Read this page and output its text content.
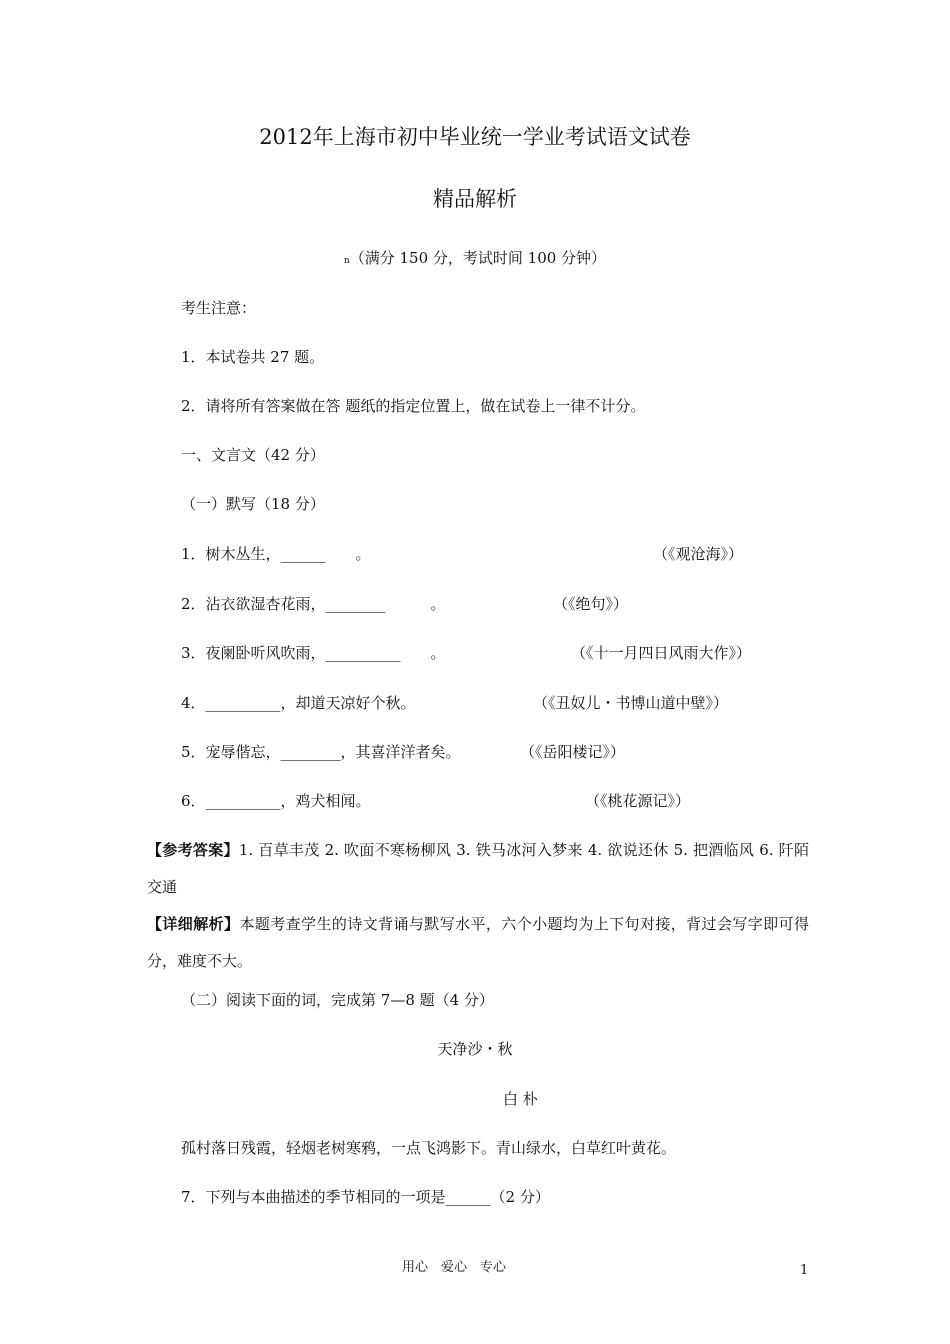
2012年上海市初中毕业统一学业考试语文试卷
精品解析
n（满分 150 分，考试时间 100 分钟）
考生注意：
1．本试卷共 27 题。
2．请将所有答案做在答 题纸的指定位置上，做在试卷上一律不计分。
一、文言文（42 分）
（一）默写（18 分）
1．树木丛生，______　　。	（《观沧海》）
2．沾衣欲湿杏花雨，________　　　。	（《绝句》）
3．夜阑卧听风吹雨，__________　　。	（《十一月四日风雨大作》）
4．__________，却道天凉好个秋。	（《丑奴儿・书博山道中壁》）
5．宠辱偕忘，________，其喜洋洋者矣。	（《岳阳楼记》）
6．__________，鸡犬相闻。	（《桃花源记》）
【参考答案】1. 百草丰茂 2. 吹面不寒杨柳风 3. 铁马冰河入梦来 4. 欲说还休 5. 把酒临风 6. 阡陌交通
【详细解析】本题考查学生的诗文背诵与默写水平，六个小题均为上下句对接，背过会写字即可得分，难度不大。
（二）阅读下面的词，完成第 7—8 题（4 分）
天净沙・秋
白 朴
孤村落日残霞，轻烟老树寒鸦，一点飞鸿影下。青山绿水，白草红叶黄花。
7．下列与本曲描述的季节相同的一项是______（2 分）
用心　爱心　专心	1
